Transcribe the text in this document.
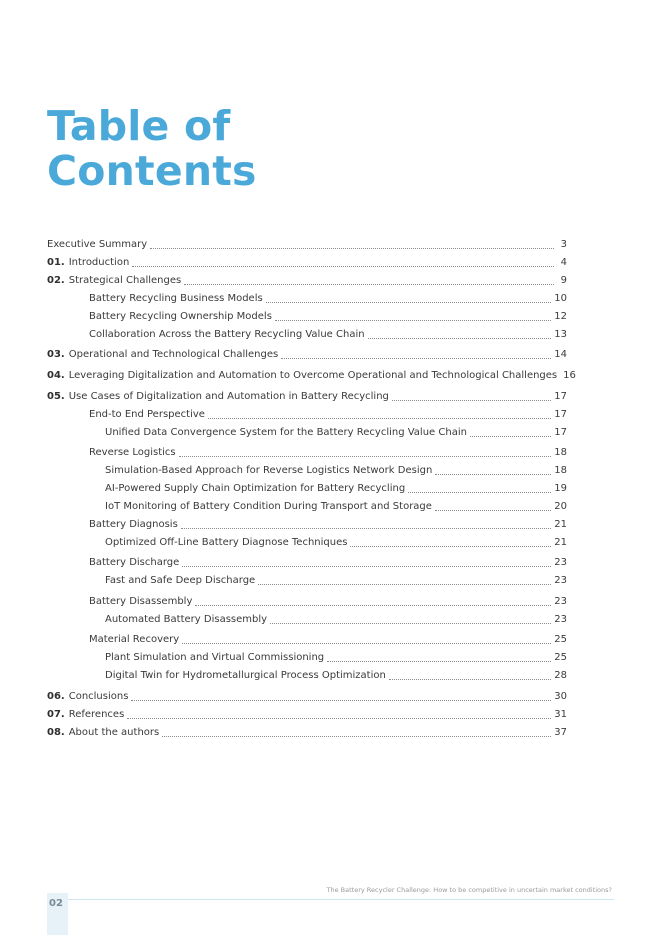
Table of
Contents
Executive Summary	3
01. Introduction	4
02. Strategical Challenges	9
Battery Recycling Business Models	10
Battery Recycling Ownership Models	12
Collaboration Across the Battery Recycling Value Chain	13
03. Operational and Technological Challenges	14
04. Leveraging Digitalization and Automation to Overcome Operational and Technological Challenges 16
05. Use Cases of Digitalization and Automation in Battery Recycling	17
End-to End Perspective	17
Unified Data Convergence System for the Battery Recycling Value Chain	17
Reverse Logistics	18
Simulation-Based Approach for Reverse Logistics Network Design	18
AI-Powered Supply Chain Optimization for Battery Recycling	19
IoT Monitoring of Battery Condition During Transport and Storage	20
Battery Diagnosis	21
Optimized Off-Line Battery Diagnose Techniques	21
Battery Discharge	23
Fast and Safe Deep Discharge	23
Battery Disassembly	23
Automated Battery Disassembly	23
Material Recovery	25
Plant Simulation and Virtual Commissioning	25
Digital Twin for Hydrometallurgical Process Optimization	28
06. Conclusions	30
07. References	31
08. About the authors	37
The Battery Recycler Challenge: How to be competitive in uncertain market conditions?
02
